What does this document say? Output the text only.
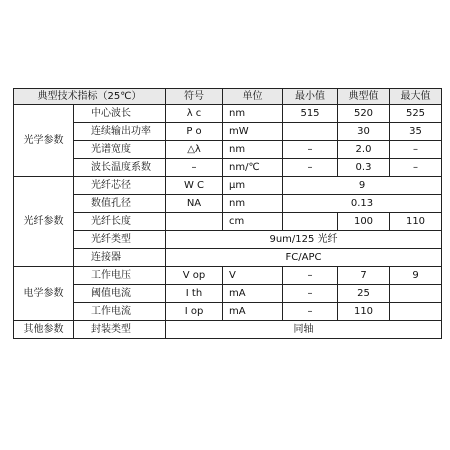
典型技术指标（25℃）		符号	单位	最小值	典型值	最大值
光学参数	中心波长	λ c	nm	515	520	525
	连续输出功率	P o	mW		30	35
	光谱宽度	△λ	nm	–	2.0	–
	波长温度系数	–	nm/℃	–	0.3	–
光纤参数	光纤芯径	W C	μm	9		
	数值孔径	NA	nm	0.13		
	光纤长度		cm		100	110
	光纤类型	9um/125 光纤				
	连接器	FC/APC				
电学参数	工作电压	V op	V	–	7	9
	阈值电流	I th	mA	–	25	
	工作电流	I op	mA	–	110	
其他参数	封装类型	同轴				
